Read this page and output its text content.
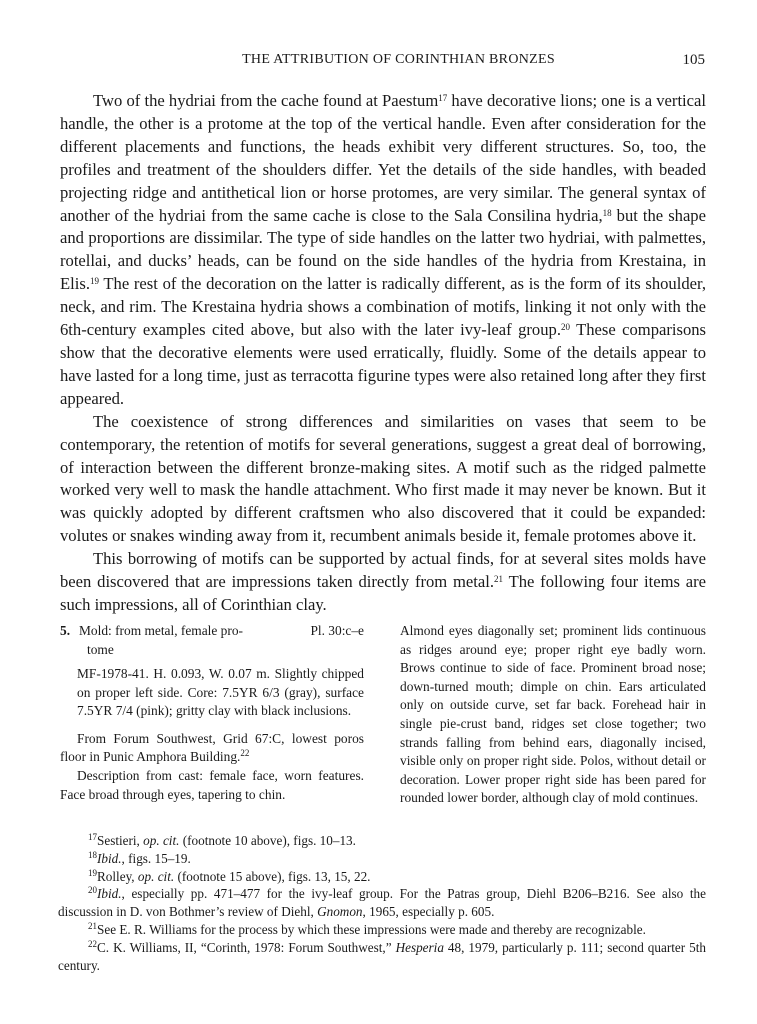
THE ATTRIBUTION OF CORINTHIAN BRONZES	105

Two of the hydriai from the cache found at Paestum$^{17}$ have decorative lions; one is a vertical handle, the other is a protome at the top of the vertical handle. Even after consideration for the different placements and functions, the heads exhibit very different structures. So, too, the profiles and treatment of the shoulders differ. Yet the details of the side handles, with beaded projecting ridge and antithetical lion or horse protomes, are very similar. The general syntax of another of the hydriai from the same cache is close to the Sala Consilina hydria,$^{18}$ but the shape and proportions are dissimilar. The type of side handles on the latter two hydriai, with palmettes, rotellai, and ducks’ heads, can be found on the side handles of the hydria from Krestaina, in Elis.$^{19}$ The rest of the decoration on the latter is radically different, as is the form of its shoulder, neck, and rim. The Krestaina hydria shows a combination of motifs, linking it not only with the 6th-century examples cited above, but also with the later ivy-leaf group.$^{20}$ These comparisons show that the decorative elements were used erratically, fluidly. Some of the details appear to have lasted for a long time, just as terracotta figurine types were also retained long after they first appeared.

The coexistence of strong differences and similarities on vases that seem to be contemporary, the retention of motifs for several generations, suggest a great deal of borrowing, of interaction between the different bronze-making sites. A motif such as the ridged palmette worked very well to mask the handle attachment. Who first made it may never be known. But it was quickly adopted by different craftsmen who also discovered that it could be expanded: volutes or snakes winding away from it, recumbent animals beside it, female protomes above it.

This borrowing of motifs can be supported by actual finds, for at several sites molds have been discovered that are impressions taken directly from metal.$^{21}$ The following four items are such impressions, all of Corinthian clay.

5. Mold: from metal, female pro-
tome
Pl. 30:c–e

MF-1978-41. H. 0.093, W. 0.07 m. Slightly chipped on proper left side. Core: 7.5YR 6/3 (gray), surface 7.5YR 7/4 (pink); gritty clay with black inclusions.

From Forum Southwest, Grid 67:C, lowest poros floor in Punic Amphora Building.$^{22}$

Description from cast: female face, worn features. Face broad through eyes, tapering to chin.

Almond eyes diagonally set; prominent lids continuous as ridges around eye; proper right eye badly worn. Brows continue to side of face. Prominent broad nose; down-turned mouth; dimple on chin. Ears articulated only on outside curve, set far back. Forehead hair in single pie-crust band, ridges set close together; two strands falling from behind ears, diagonally incised, visible only on proper right side. Polos, without detail or decoration. Lower proper right side has been pared for rounded lower border, although clay of mold continues.

$^{17}$Sestieri, op. cit. (footnote 10 above), figs. 10–13.

$^{18}$Ibid., figs. 15–19.

$^{19}$Rolley, op. cit. (footnote 15 above), figs. 13, 15, 22.

$^{20}$Ibid., especially pp. 471–477 for the ivy-leaf group. For the Patras group, Diehl B206–B216. See also the discussion in D. von Bothmer’s review of Diehl, Gnomon, 1965, especially p. 605.

$^{21}$See E. R. Williams for the process by which these impressions were made and thereby are recognizable.

$^{22}$C. K. Williams, II, “Corinth, 1978: Forum Southwest,” Hesperia 48, 1979, particularly p. 111; second quarter 5th century.
